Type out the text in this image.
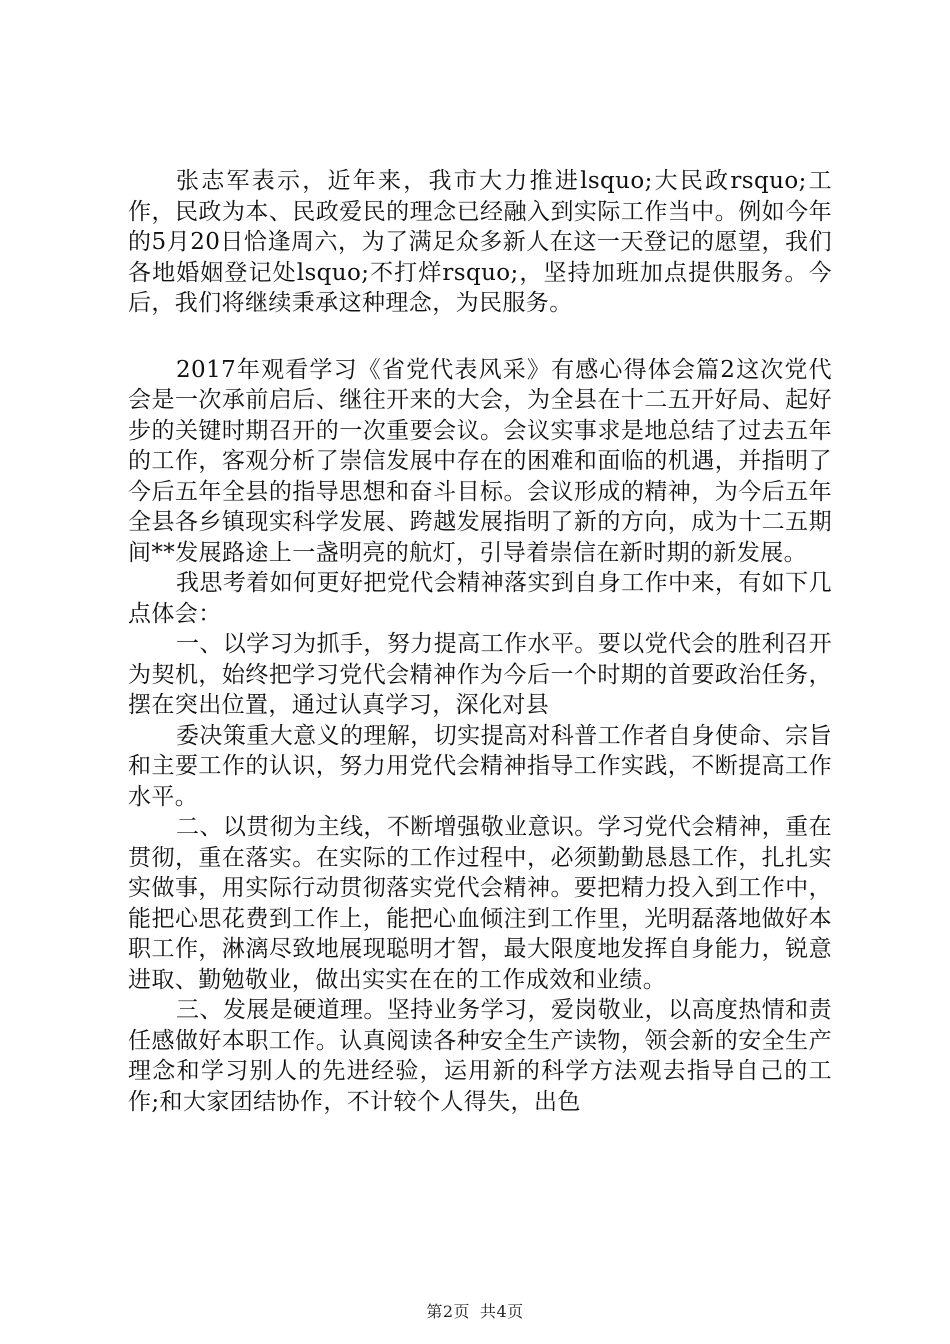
张志军表示，近年来，我市大力推进lsquo;大民政rsquo;工作，民政为本、民政爱民的理念已经融入到实际工作当中。例如今年的5月20日恰逢周六，为了满足众多新人在这一天登记的愿望，我们各地婚姻登记处lsquo;不打烊rsquo;，坚持加班加点提供服务。今后，我们将继续秉承这种理念，为民服务。

2017年观看学习《省党代表风采》有感心得体会篇2这次党代会是一次承前启后、继往开来的大会，为全县在十二五开好局、起好步的关键时期召开的一次重要会议。会议实事求是地总结了过去五年的工作，客观分析了崇信发展中存在的困难和面临的机遇，并指明了今后五年全县的指导思想和奋斗目标。会议形成的精神，为今后五年全县各乡镇现实科学发展、跨越发展指明了新的方向，成为十二五期间**发展路途上一盏明亮的航灯，引导着崇信在新时期的新发展。

我思考着如何更好把党代会精神落实到自身工作中来，有如下几点体会：

一、以学习为抓手，努力提高工作水平。要以党代会的胜利召开为契机，始终把学习党代会精神作为今后一个时期的首要政治任务，摆在突出位置，通过认真学习，深化对县

委决策重大意义的理解，切实提高对科普工作者自身使命、宗旨和主要工作的认识，努力用党代会精神指导工作实践，不断提高工作水平。

二、以贯彻为主线，不断增强敬业意识。学习党代会精神，重在贯彻，重在落实。在实际的工作过程中，必须勤勤恳恳工作，扎扎实实做事，用实际行动贯彻落实党代会精神。要把精力投入到工作中，能把心思花费到工作上，能把心血倾注到工作里，光明磊落地做好本职工作，淋漓尽致地展现聪明才智，最大限度地发挥自身能力，锐意进取、勤勉敬业，做出实实在在的工作成效和业绩。

三、发展是硬道理。坚持业务学习，爱岗敬业，以高度热情和责任感做好本职工作。认真阅读各种安全生产读物，领会新的安全生产理念和学习别人的先进经验，运用新的科学方法观去指导自己的工作;和大家团结协作，不计较个人得失，出色

第2页 共4页
